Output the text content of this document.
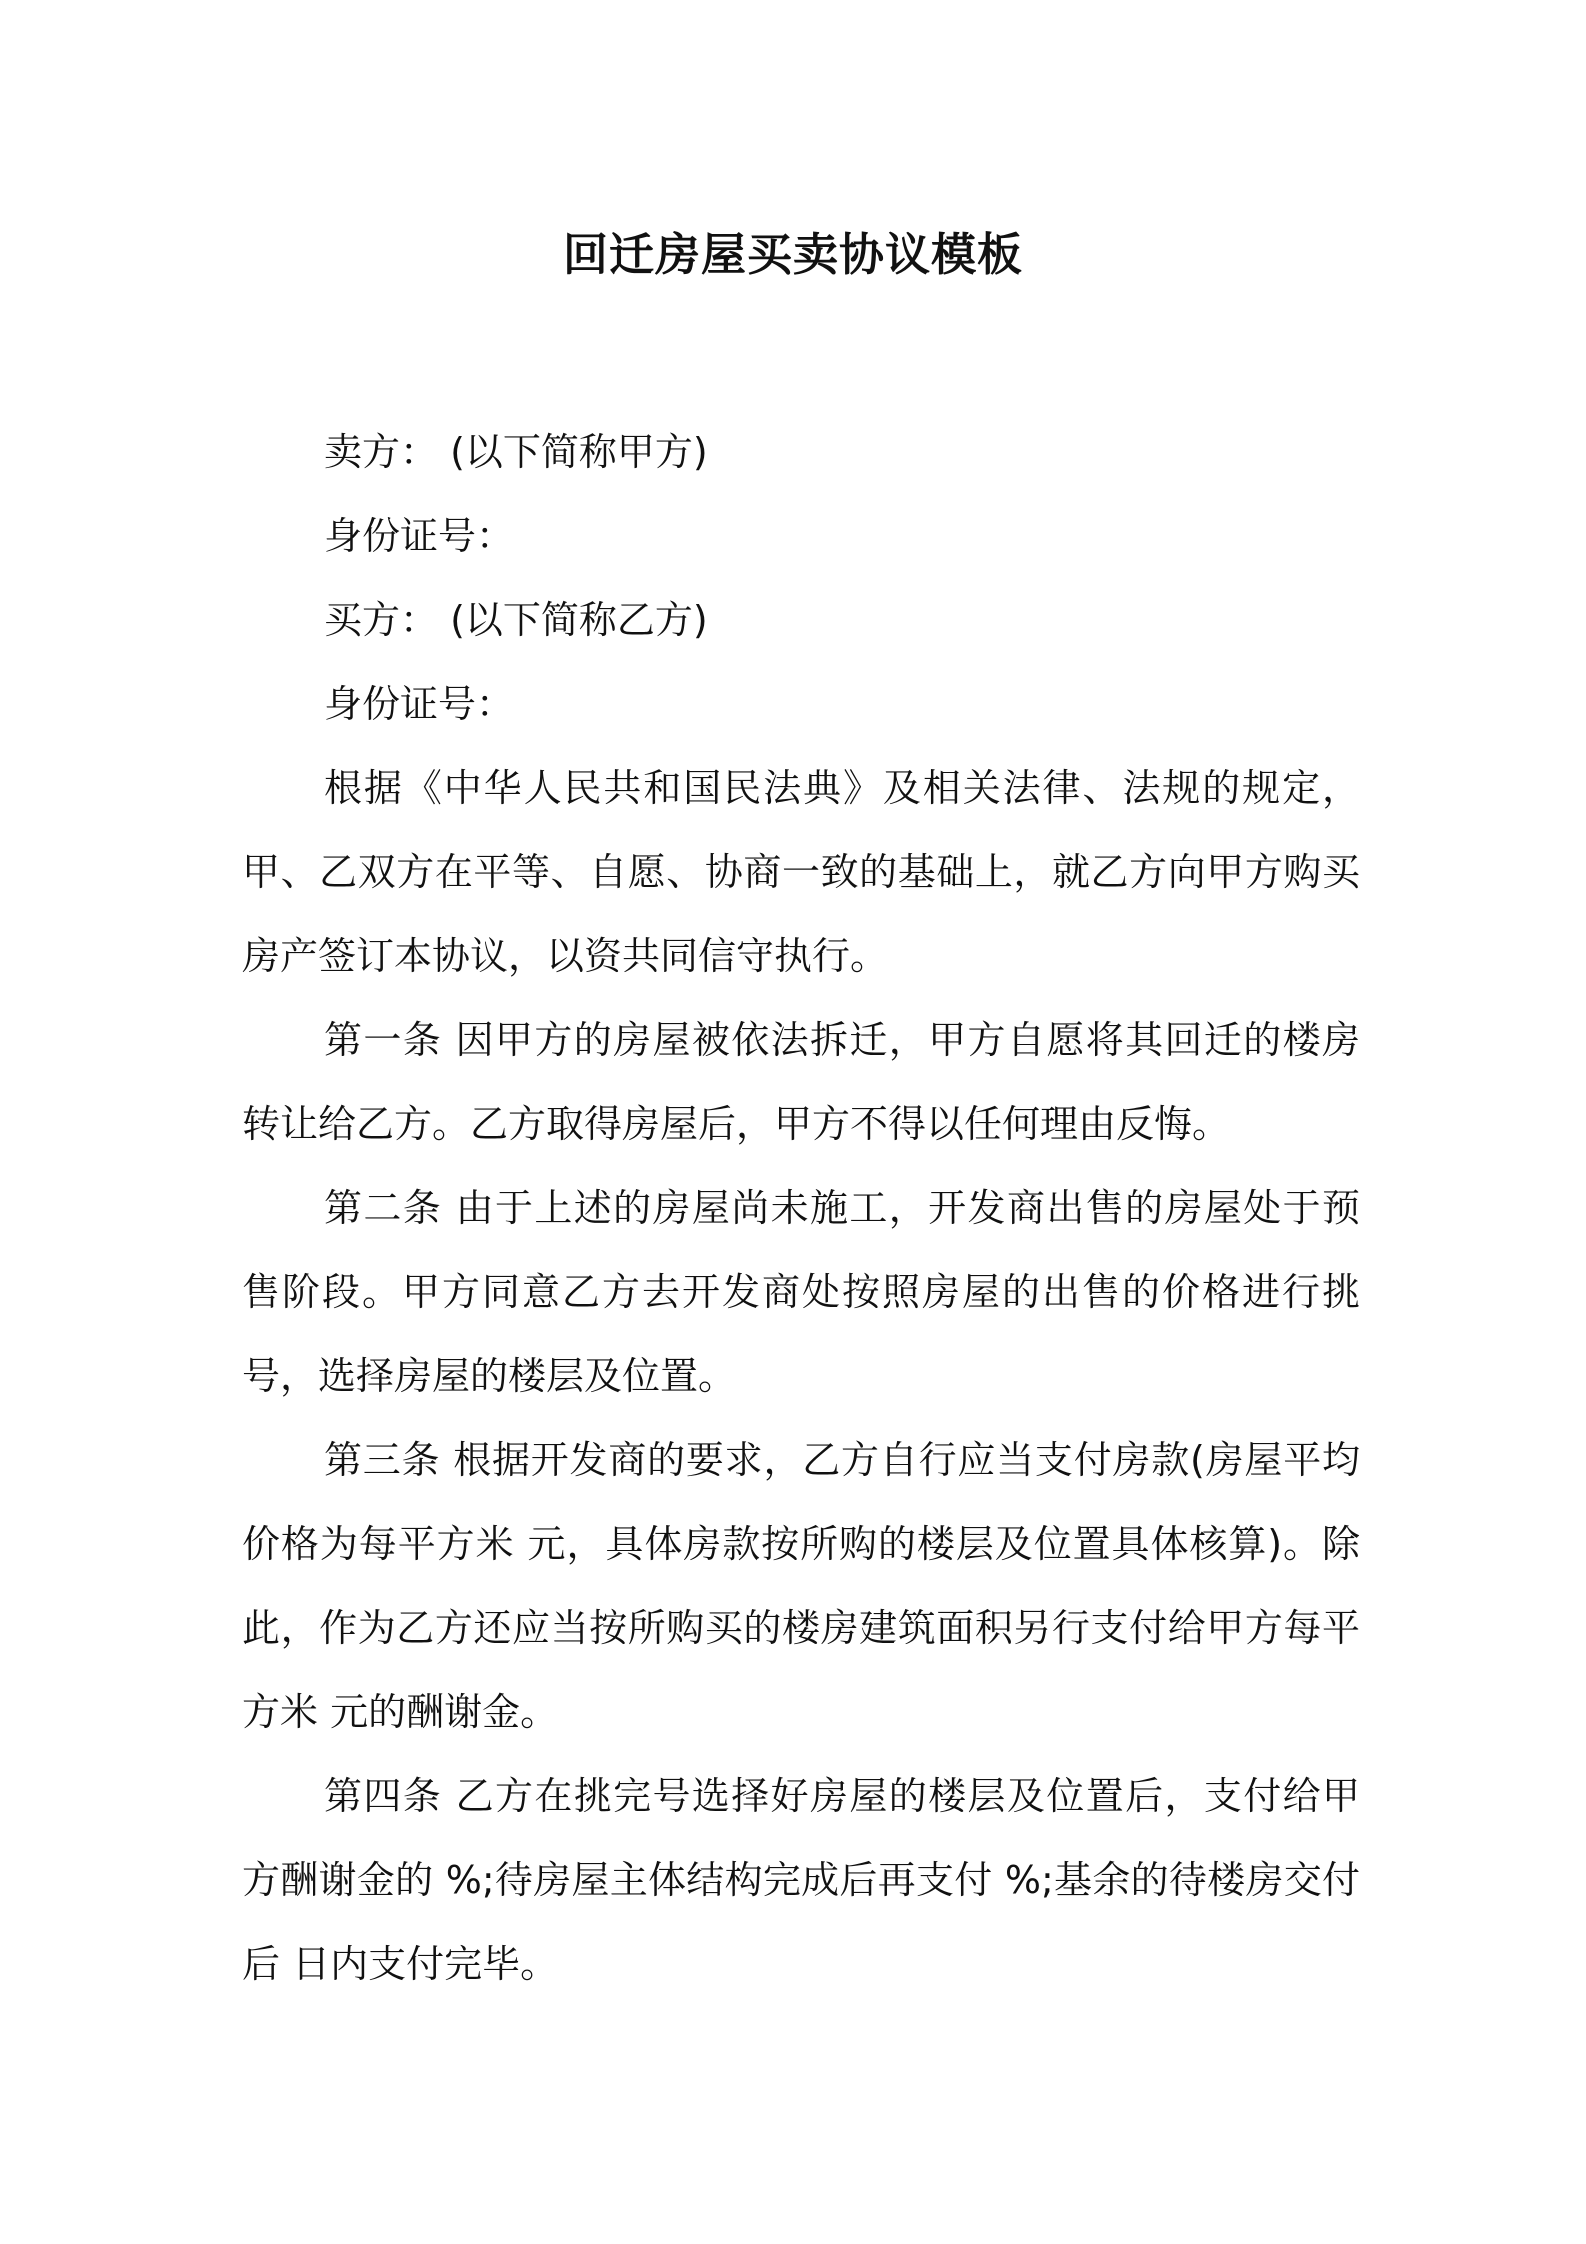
回迁房屋买卖协议模板

卖方： (以下简称甲方)

身份证号：

买方： (以下简称乙方)

身份证号：

根据《中华人民共和国民法典》及相关法律、法规的规定，甲、乙双方在平等、自愿、协商一致的基础上，就乙方向甲方购买房产签订本协议，以资共同信守执行。

第一条 因甲方的房屋被依法拆迁，甲方自愿将其回迁的楼房转让给乙方。乙方取得房屋后，甲方不得以任何理由反悔。

第二条 由于上述的房屋尚未施工，开发商出售的房屋处于预售阶段。甲方同意乙方去开发商处按照房屋的出售的价格进行挑号，选择房屋的楼层及位置。

第三条 根据开发商的要求，乙方自行应当支付房款(房屋平均价格为每平方米 元，具体房款按所购的楼层及位置具体核算)。除此，作为乙方还应当按所购买的楼房建筑面积另行支付给甲方每平方米 元的酬谢金。

第四条 乙方在挑完号选择好房屋的楼层及位置后，支付给甲方酬谢金的 %;待房屋主体结构完成后再支付 %;基余的待楼房交付后 日内支付完毕。
